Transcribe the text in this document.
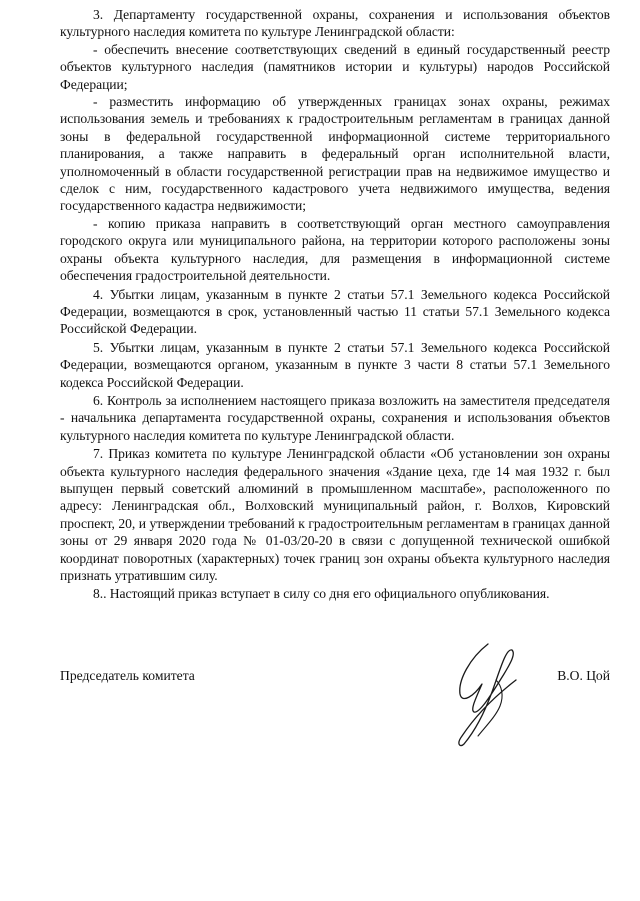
3. Департаменту государственной охраны, сохранения и использования объектов культурного наследия комитета по культуре Ленинградской области:

- обеспечить внесение соответствующих сведений в единый государственный реестр объектов культурного наследия (памятников истории и культуры) народов Российской Федерации;

- разместить информацию об утвержденных границах зонах охраны, режимах использования земель и требованиях к градостроительным регламентам в границах данной зоны в федеральной государственной информационной системе территориального планирования, а также направить в федеральный орган исполнительной власти, уполномоченный в области государственной регистрации прав на недвижимое имущество и сделок с ним, государственного кадастрового учета недвижимого имущества, ведения государственного кадастра недвижимости;

- копию приказа направить в соответствующий орган местного самоуправления городского округа или муниципального района, на территории которого расположены зоны охраны объекта культурного наследия, для размещения в информационной системе обеспечения градостроительной деятельности.

4. Убытки лицам, указанным в пункте 2 статьи 57.1 Земельного кодекса Российской Федерации, возмещаются в срок, установленный частью 11 статьи 57.1 Земельного кодекса Российской Федерации.

5. Убытки лицам, указанным в пункте 2 статьи 57.1 Земельного кодекса Российской Федерации, возмещаются органом, указанным в пункте 3 части 8 статьи 57.1 Земельного кодекса Российской Федерации.

6. Контроль за исполнением настоящего приказа возложить на заместителя председателя - начальника департамента государственной охраны, сохранения и использования объектов культурного наследия комитета по культуре Ленинградской области.

7. Приказ комитета по культуре Ленинградской области «Об установлении зон охраны объекта культурного наследия федерального значения «Здание цеха, где 14 мая 1932 г. был выпущен первый советский алюминий в промышленном масштабе», расположенного по адресу: Ленинградская обл., Волховский муниципальный район, г. Волхов, Кировский проспект, 20, и утверждении требований к градостроительным регламентам в границах данной зоны от 29 января 2020 года № 01-03/20-20 в связи с допущенной технической ошибкой координат поворотных (характерных) точек границ зон охраны объекта культурного наследия признать утратившим силу.

8.. Настоящий приказ вступает в силу со дня его официального опубликования.

Председатель комитета	В.О. Цой
